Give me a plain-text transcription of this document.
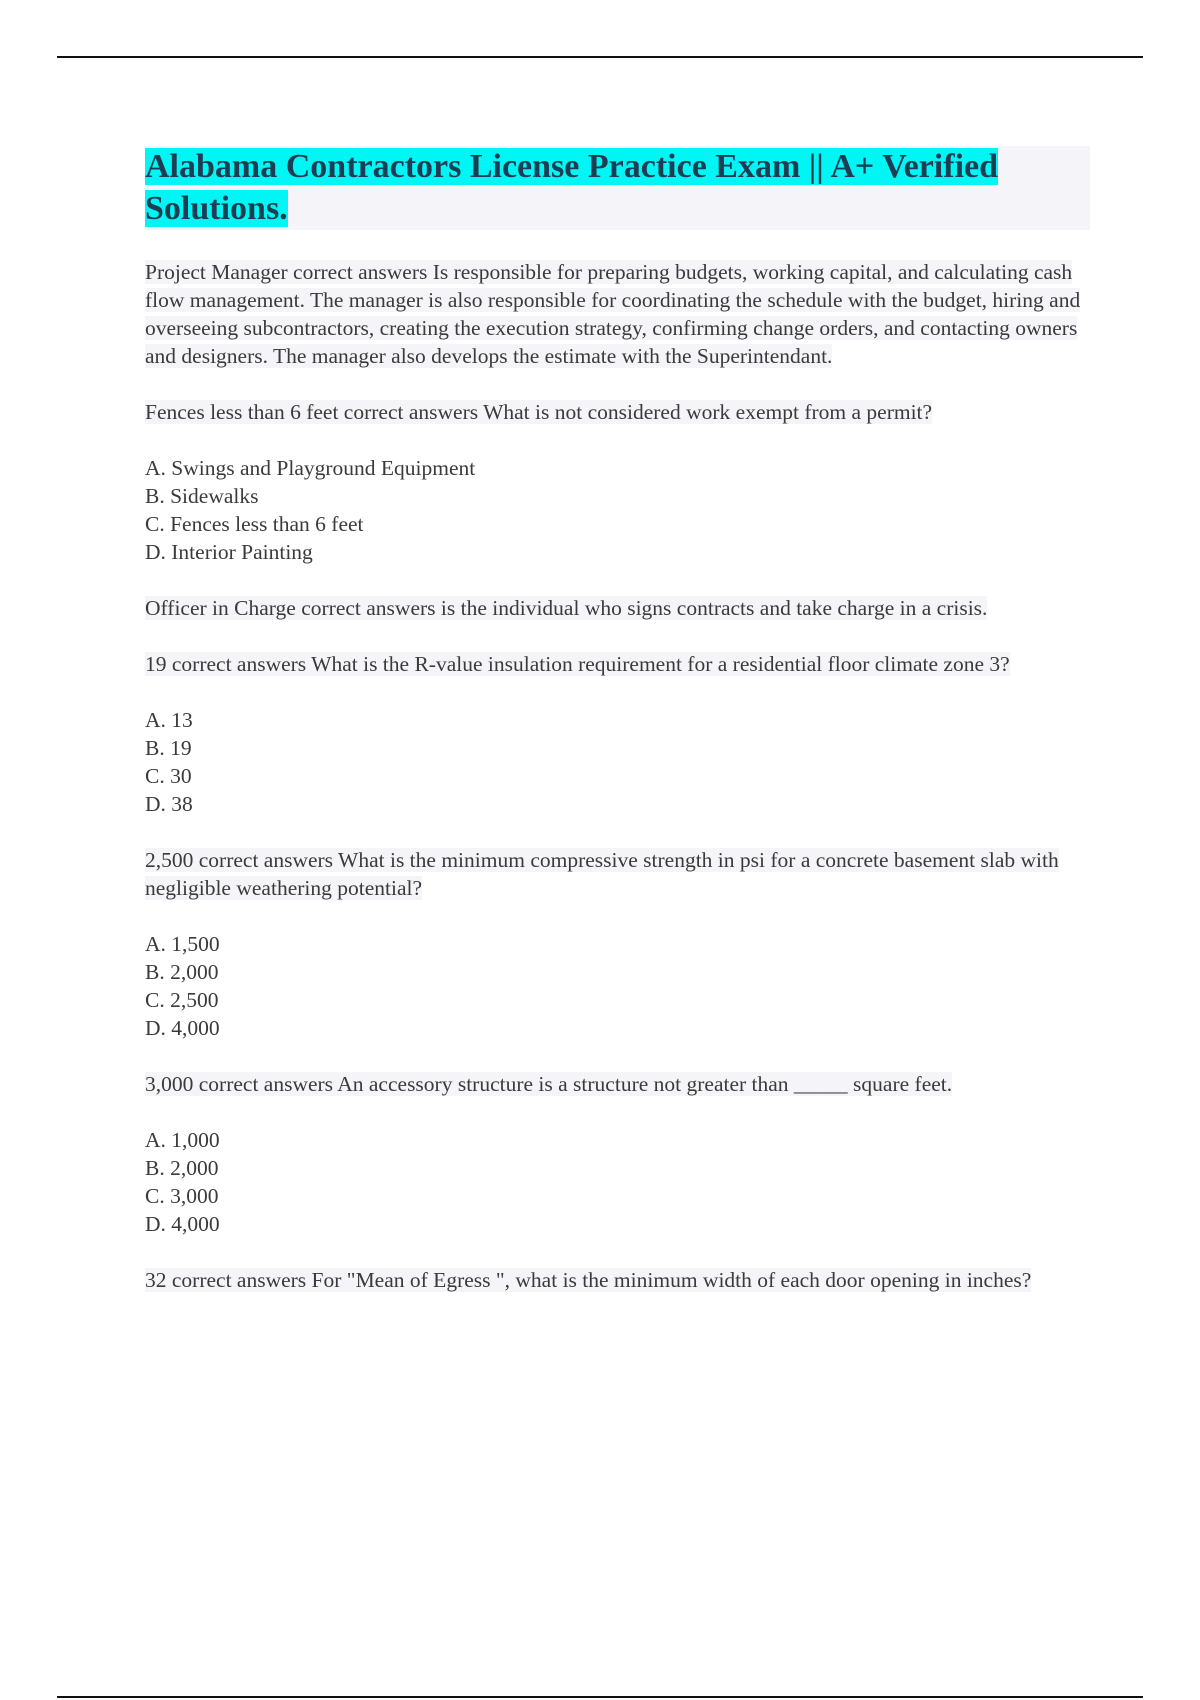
Alabama Contractors License Practice Exam || A+ Verified Solutions.

Project Manager correct answers Is responsible for preparing budgets, working capital, and calculating cash flow management. The manager is also responsible for coordinating the schedule with the budget, hiring and overseeing subcontractors, creating the execution strategy, confirming change orders, and contacting owners and designers. The manager also develops the estimate with the Superintendant.

Fences less than 6 feet correct answers What is not considered work exempt from a permit?

A. Swings and Playground Equipment
B. Sidewalks
C. Fences less than 6 feet
D. Interior Painting

Officer in Charge correct answers is the individual who signs contracts and take charge in a crisis.

19 correct answers What is the R-value insulation requirement for a residential floor climate zone 3?

A. 13
B. 19
C. 30
D. 38

2,500 correct answers What is the minimum compressive strength in psi for a concrete basement slab with negligible weathering potential?

A. 1,500
B. 2,000
C. 2,500
D. 4,000

3,000 correct answers An accessory structure is a structure not greater than _____ square feet.

A. 1,000
B. 2,000
C. 3,000
D. 4,000

32 correct answers For "Mean of Egress ", what is the minimum width of each door opening in inches?
